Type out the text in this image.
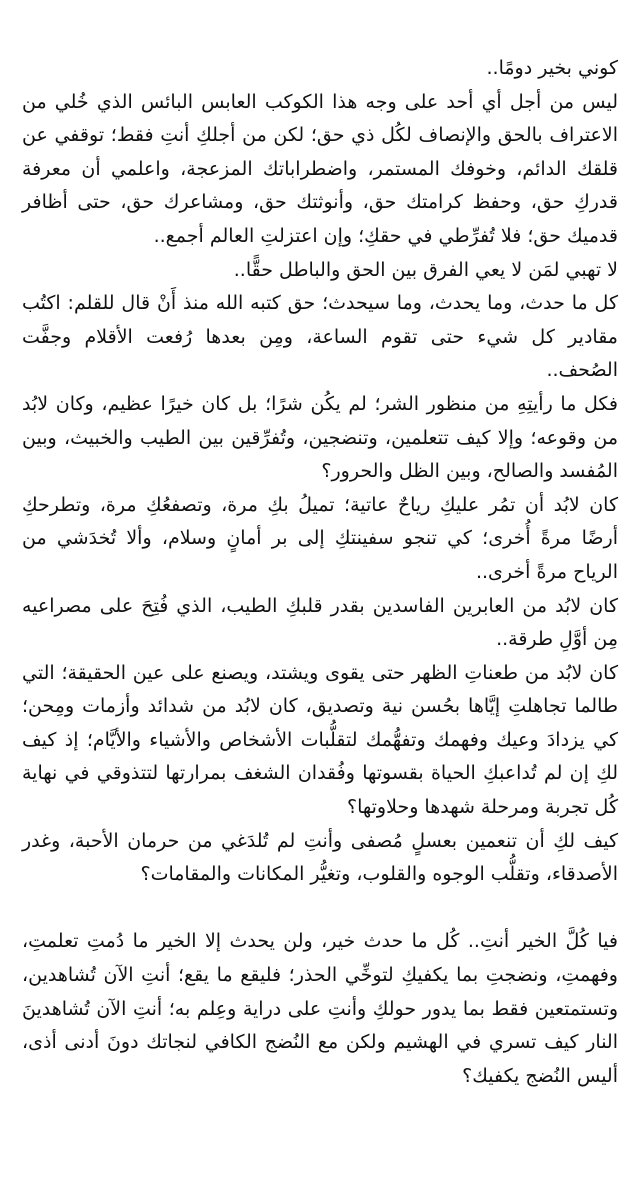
كوني بخير دومًا..

ليس من أجل أي أحد على وجه هذا الكوكب العابس البائس الذي خُلي من الاعتراف بالحق والإنصاف لكُل ذي حق؛ لكن من أجلكِ أنتِ فقط؛ توقفي عن قلقك الدائم، وخوفك المستمر، واضطراباتك المزعجة، واعلمي أن معرفة قدركِ حق، وحفظ كرامتك حق، وأنوثتك حق، ومشاعرك حق، حتى أظافر قدميك حق؛ فلا تُفرِّطي في حقكِ؛ وإن اعتزلتِ العالم أجمع..

لا تهبي لمَن لا يعي الفرق بين الحق والباطل حقًّا..

كل ما حدث، وما يحدث، وما سيحدث؛ حق كتبه الله منذ أَنْ قال للقلم: اكتُب مقادير كل شيء حتى تقوم الساعة، ومِن بعدها رُفعت الأقلام وجفَّت الصُحف..

فكل ما رأيتِهِ من منظور الشر؛ لم يكُن شرًا؛ بل كان خيرًا عظيم، وكان لابُد من وقوعه؛ وإلا كيف تتعلمين، وتنضجين، وتُفرِّقين بين الطيب والخبيث، وبين المُفسد والصالح، وبين الظل والحرور؟

كان لابُد أن تمُر عليكِ رياحٌ عاتية؛ تميلُ بكِ مرة، وتصفعُكِ مرة، وتطرحكِ أرضًا مرةً أُخرى؛ كي تنجو سفينتكِ إلى بر أمانٍ وسلام، وألا تُخدَشي من الرياح مرةً أخرى..

كان لابُد من العابرين الفاسدين بقدر قلبكِ الطيب، الذي فُتِحَ على مصراعيه مِن أوَّلِ طرقة..

كان لابُد من طعناتِ الظهر حتى يقوى ويشتد، ويصنع على عين الحقيقة؛ التي طالما تجاهلتِ إيَّاها بحُسن نية وتصديق، كان لابُد من شدائد وأزمات ومِحن؛ كي يزدادَ وعيك وفهمك وتفهُّمك لتقلُّبات الأشخاص والأشياء والأيَّام؛ إذ كيف لكِ إن لم تُداعبكِ الحياة بقسوتها وفُقدان الشغف بمرارتها لتتذوقي في نهاية كُل تجربة ومرحلة شهدها وحلاوتها؟

كيف لكِ أن تنعمين بعسلٍ مُصفى وأنتِ لم تُلدَغي من حرمان الأحبة، وغدر الأصدقاء، وتقلُّب الوجوه والقلوب، وتغيُّر المكانات والمقامات؟

فيا كُلَّ الخير أنتِ.. كُل ما حدث خير، ولن يحدث إلا الخير ما دُمتِ تعلمتِ، وفهمتِ، ونضجتِ بما يكفيكِ لتوخِّي الحذر؛ فليقع ما يقع؛ أنتِ الآن تُشاهدين، وتستمتعين فقط بما يدور حولكِ وأنتِ على دراية وعِلم به؛ أنتِ الآن تُشاهدينَ النار كيف تسري في الهشيم ولكن مع النُضج الكافي لنجاتك دونَ أدنى أذى، أليس النُضج يكفيك؟
